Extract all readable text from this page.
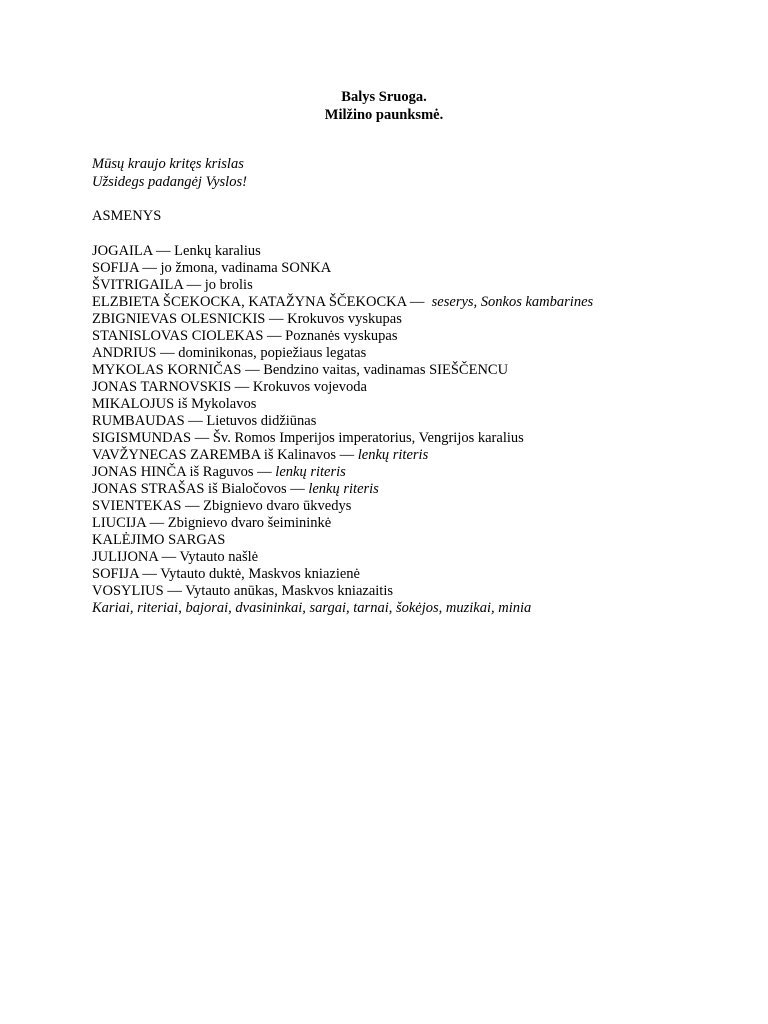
Balys Sruoga.
Milžino paunksmė.
Mūsų kraujo kritęs krislas
Užsidegs padangėj Vyslos!
ASMENYS
JOGAILA — Lenkų karalius
SOFIJA — jo žmona, vadinama SONKA
ŠVITRIGAILA — jo brolis
ELZBIETA ŠCEKOCKA, KATAŽYNA ŠČEKOCKA — seserys, Sonkos kambarines
ZBIGNIEVAS OLESNICKIS — Krokuvos vyskupas
STANISLOVAS CIOLEKAS — Poznanės vyskupas
ANDRIUS — dominikonas, popiežiaus legatas
MYKOLAS KORNIČAS — Bendzino vaitas, vadinamas SIEŠČENCU
JONAS TARNOVSKIS — Krokuvos vojevoda
MIKALOJUS iš Mykolavos
RUMBAUDAS — Lietuvos didžiūnas
SIGISMUNDAS — Šv. Romos Imperijos imperatorius, Vengrijos karalius
VAVŽYNECAS ZAREMBA iš Kalinavos — lenkų riteris
JONAS HINČA iš Raguvos — lenkų riteris
JONAS STRAŠAS iš Bialočovos — lenkų riteris
SVIENTEKAS — Zbignievo dvaro ūkvedys
LIUCIJA — Zbignievo dvaro šeimininkė
KALĖJIMO SARGAS
JULIJONA — Vytauto našlė
SOFIJA — Vytauto duktė, Maskvos kniazienė
VOSYLIUS — Vytauto anūkas, Maskvos kniazaitis
Kariai, riteriai, bajorai, dvasininkai, sargai, tarnai, šokėjos, muzikai, minia
